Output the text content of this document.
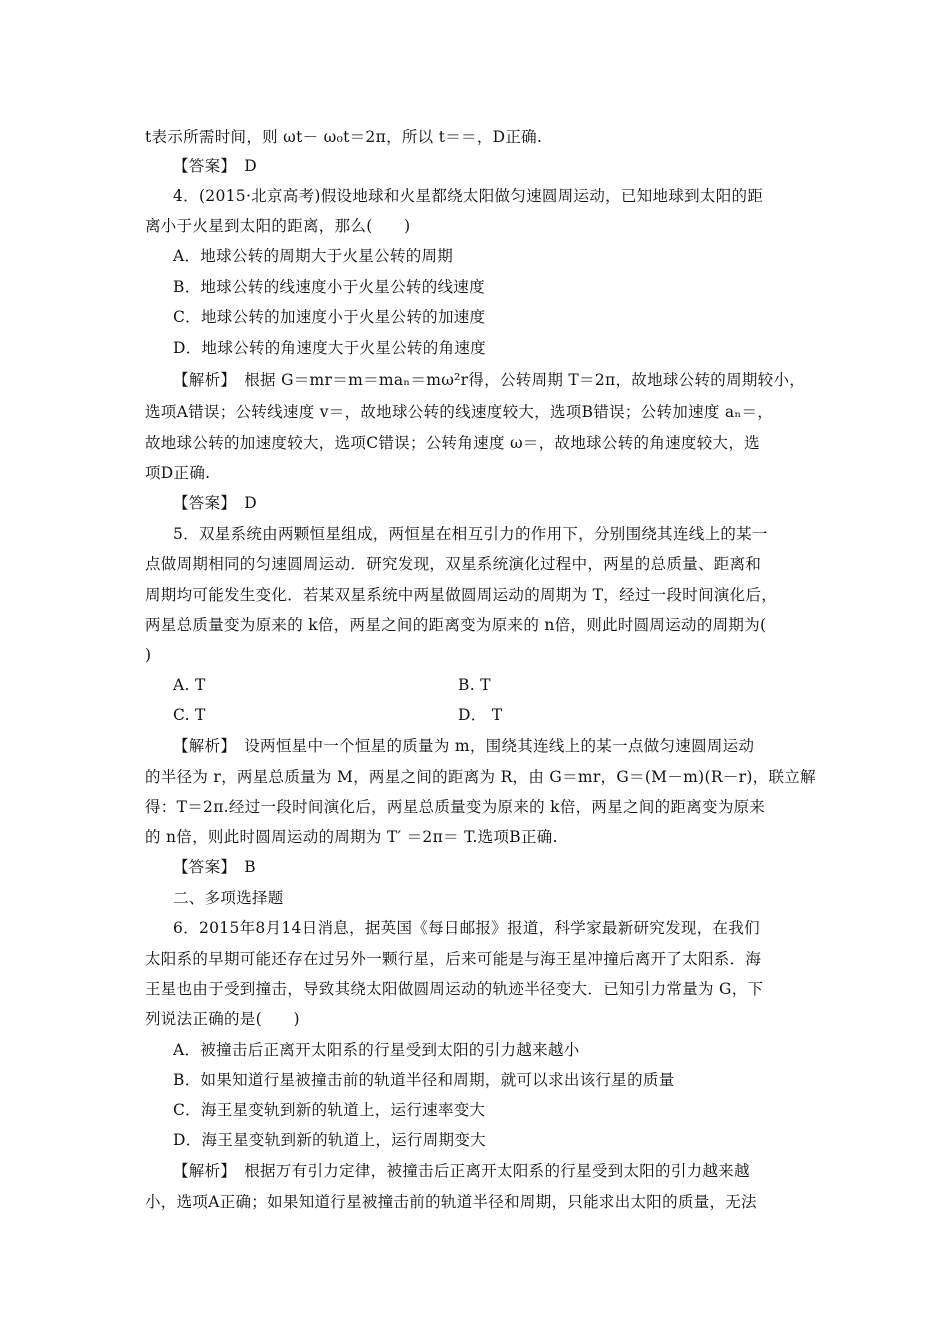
t表示所需时间，则 ωt－ ω₀t＝2π，所以 t＝＝，D正确.
【答案】　D
4．(2015·北京高考)假设地球和火星都绕太阳做匀速圆周运动，已知地球到太阳的距
离小于火星到太阳的距离，那么(　　)
A．地球公转的周期大于火星公转的周期
B．地球公转的线速度小于火星公转的线速度
C．地球公转的加速度小于火星公转的加速度
D．地球公转的角速度大于火星公转的角速度
【解析】　根据 G＝mr＝m＝maₙ＝mω²r得，公转周期 T＝2π，故地球公转的周期较小，
选项A错误；公转线速度 v＝，故地球公转的线速度较大，选项B错误；公转加速度 aₙ＝，
故地球公转的加速度较大，选项C错误；公转角速度 ω＝，故地球公转的角速度较大，选
项D正确.
【答案】　D
5．双星系统由两颗恒星组成，两恒星在相互引力的作用下，分别围绕其连线上的某一
点做周期相同的匀速圆周运动．研究发现，双星系统演化过程中，两星的总质量、距离和
周期均可能发生变化．若某双星系统中两星做圆周运动的周期为 T，经过一段时间演化后，
两星总质量变为原来的 k倍，两星之间的距离变为原来的 n倍，则此时圆周运动的周期为(
)
A. T	B. T
C. T	D． T
【解析】　设两恒星中一个恒星的质量为 m，围绕其连线上的某一点做匀速圆周运动
的半径为 r，两星总质量为 M，两星之间的距离为 R，由 G＝mr，G＝(M－m)(R－r)，联立解
得：T＝2π.经过一段时间演化后，两星总质量变为原来的 k倍，两星之间的距离变为原来
的 n倍，则此时圆周运动的周期为 T′ ＝2π＝ T.选项B正确.
【答案】　B
二、多项选择题
6．2015年8月14日消息，据英国《每日邮报》报道，科学家最新研究发现，在我们
太阳系的早期可能还存在过另外一颗行星，后来可能是与海王星冲撞后离开了太阳系．海
王星也由于受到撞击，导致其绕太阳做圆周运动的轨迹半径变大．已知引力常量为 G，下
列说法正确的是(　　)
A．被撞击后正离开太阳系的行星受到太阳的引力越来越小
B．如果知道行星被撞击前的轨道半径和周期，就可以求出该行星的质量
C．海王星变轨到新的轨道上，运行速率变大
D．海王星变轨到新的轨道上，运行周期变大
【解析】　根据万有引力定律，被撞击后正离开太阳系的行星受到太阳的引力越来越
小，选项A正确；如果知道行星被撞击前的轨道半径和周期，只能求出太阳的质量，无法
